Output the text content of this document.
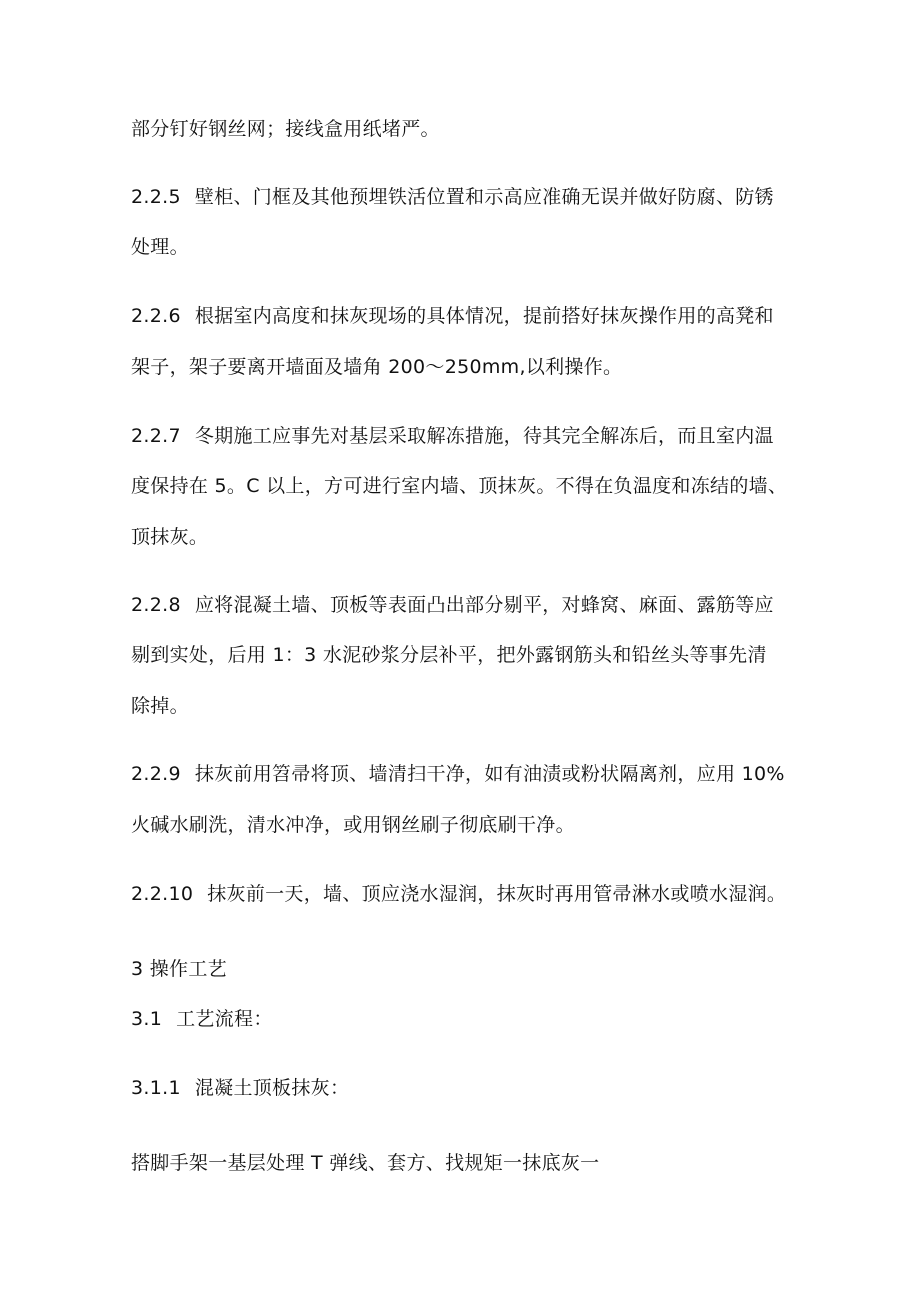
部分钉好钢丝网；接线盒用纸堵严。
2.2.5 壁柜、门框及其他预埋铁活位置和示高应准确无误并做好防腐、防锈
处理。
2.2.6 根据室内高度和抹灰现场的具体情况，提前搭好抹灰操作用的高凳和
架子，架子要离开墙面及墙角 200～250mm,以利操作。
2.2.7 冬期施工应事先对基层采取解冻措施，待其完全解冻后，而且室内温
度保持在 5。C 以上，方可进行室内墙、顶抹灰。不得在负温度和冻结的墙、
顶抹灰。
2.2.8 应将混凝土墙、顶板等表面凸出部分剔平，对蜂窝、麻面、露筋等应
剔到实处，后用 1：3 水泥砂浆分层补平，把外露钢筋头和铅丝头等事先清
除掉。
2.2.9 抹灰前用笤帚将顶、墙清扫干净，如有油渍或粉状隔离剂，应用 10%
火碱水刷洗，清水冲净，或用钢丝刷子彻底刷干净。
2.2.10 抹灰前一天，墙、顶应浇水湿润，抹灰时再用管帚淋水或喷水湿润。
3 操作工艺
3.1 工艺流程：
3.1.1 混凝土顶板抹灰：
搭脚手架一基层处理 T 弹线、套方、找规矩一抹底灰一
